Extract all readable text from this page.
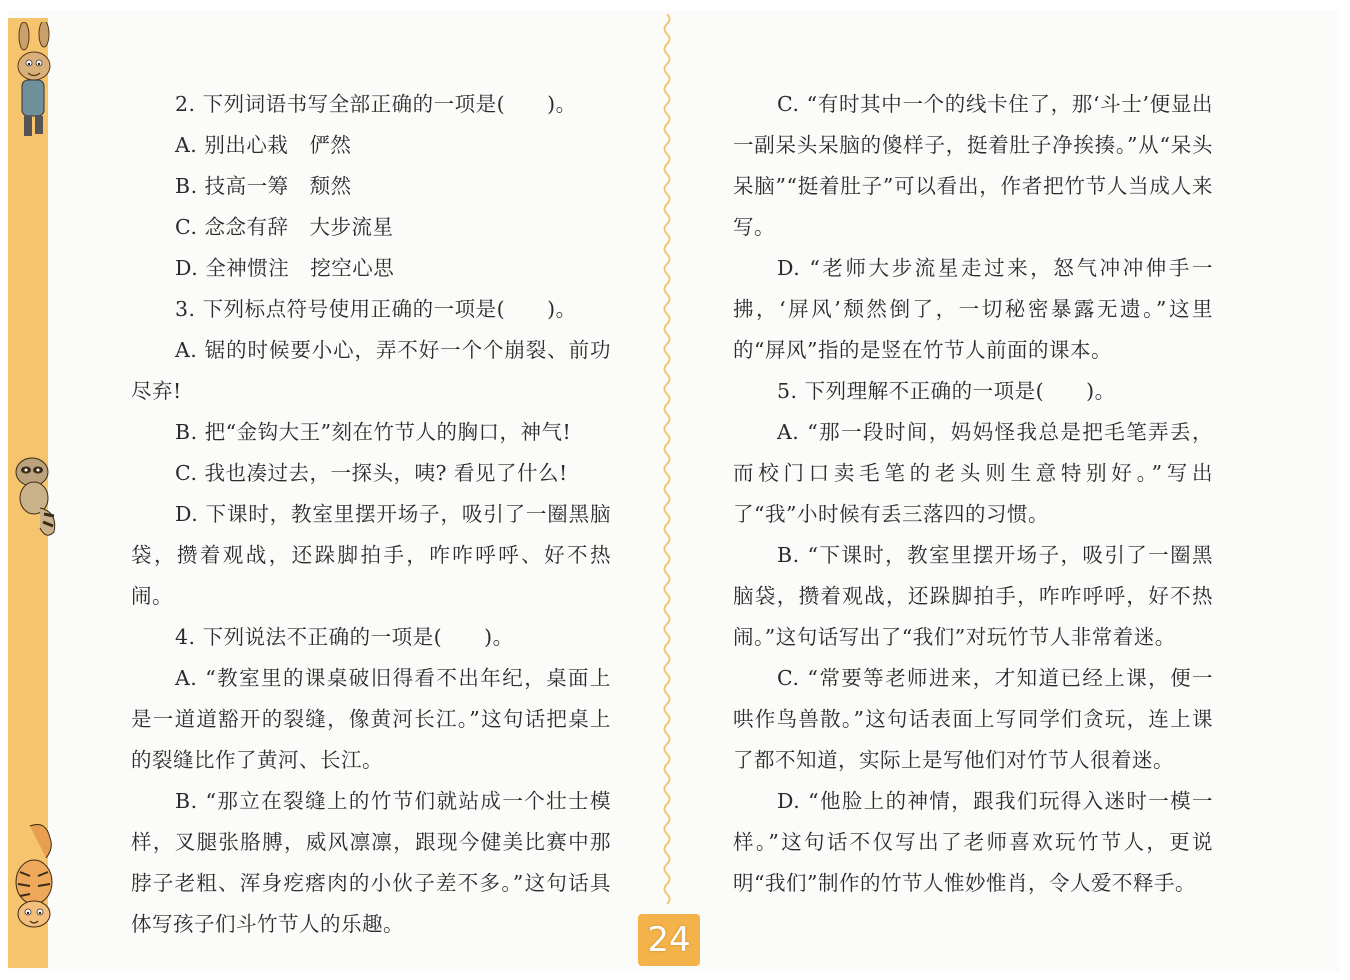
2. 下列词语书写全部正确的一项是(　　)。

A. 别出心栽　俨然

B. 技高一筹　颓然

C. 念念有辞　大步流星

D. 全神惯注　挖空心思

3. 下列标点符号使用正确的一项是(　　)。

A. 锯的时候要小心，弄不好一个个崩裂、前功尽弃!

B. 把“金钩大王”刻在竹节人的胸口，神气!

C. 我也凑过去，一探头，咦? 看见了什么!

D. 下课时，教室里摆开场子，吸引了一圈黑脑袋，攒着观战，还跺脚拍手，咋咋呼呼、好不热闹。

4. 下列说法不正确的一项是(　　)。

A. “教室里的课桌破旧得看不出年纪，桌面上是一道道豁开的裂缝，像黄河长江。”这句话把桌上的裂缝比作了黄河、长江。

B. “那立在裂缝上的竹节们就站成一个壮士模样，叉腿张胳膊，威风凛凛，跟现今健美比赛中那脖子老粗、浑身疙瘩肉的小伙子差不多。”这句话具体写孩子们斗竹节人的乐趣。

C. “有时其中一个的线卡住了，那‘斗士’便显出一副呆头呆脑的傻样子，挺着肚子净挨揍。”从“呆头呆脑”“挺着肚子”可以看出，作者把竹节人当成人来写。

D. “老师大步流星走过来，怒气冲冲伸手一拂，‘屏风’颓然倒了，一切秘密暴露无遗。”这里的“屏风”指的是竖在竹节人前面的课本。

5. 下列理解不正确的一项是(　　)。

A. “那一段时间，妈妈怪我总是把毛笔弄丢，而校门口卖毛笔的老头则生意特别好。”写出了“我”小时候有丢三落四的习惯。

B. “下课时，教室里摆开场子，吸引了一圈黑脑袋，攒着观战，还跺脚拍手，咋咋呼呼，好不热闹。”这句话写出了“我们”对玩竹节人非常着迷。

C. “常要等老师进来，才知道已经上课，便一哄作鸟兽散。”这句话表面上写同学们贪玩，连上课了都不知道，实际上是写他们对竹节人很着迷。

D. “他脸上的神情，跟我们玩得入迷时一模一样。”这句话不仅写出了老师喜欢玩竹节人，更说明“我们”制作的竹节人惟妙惟肖，令人爱不释手。

24
